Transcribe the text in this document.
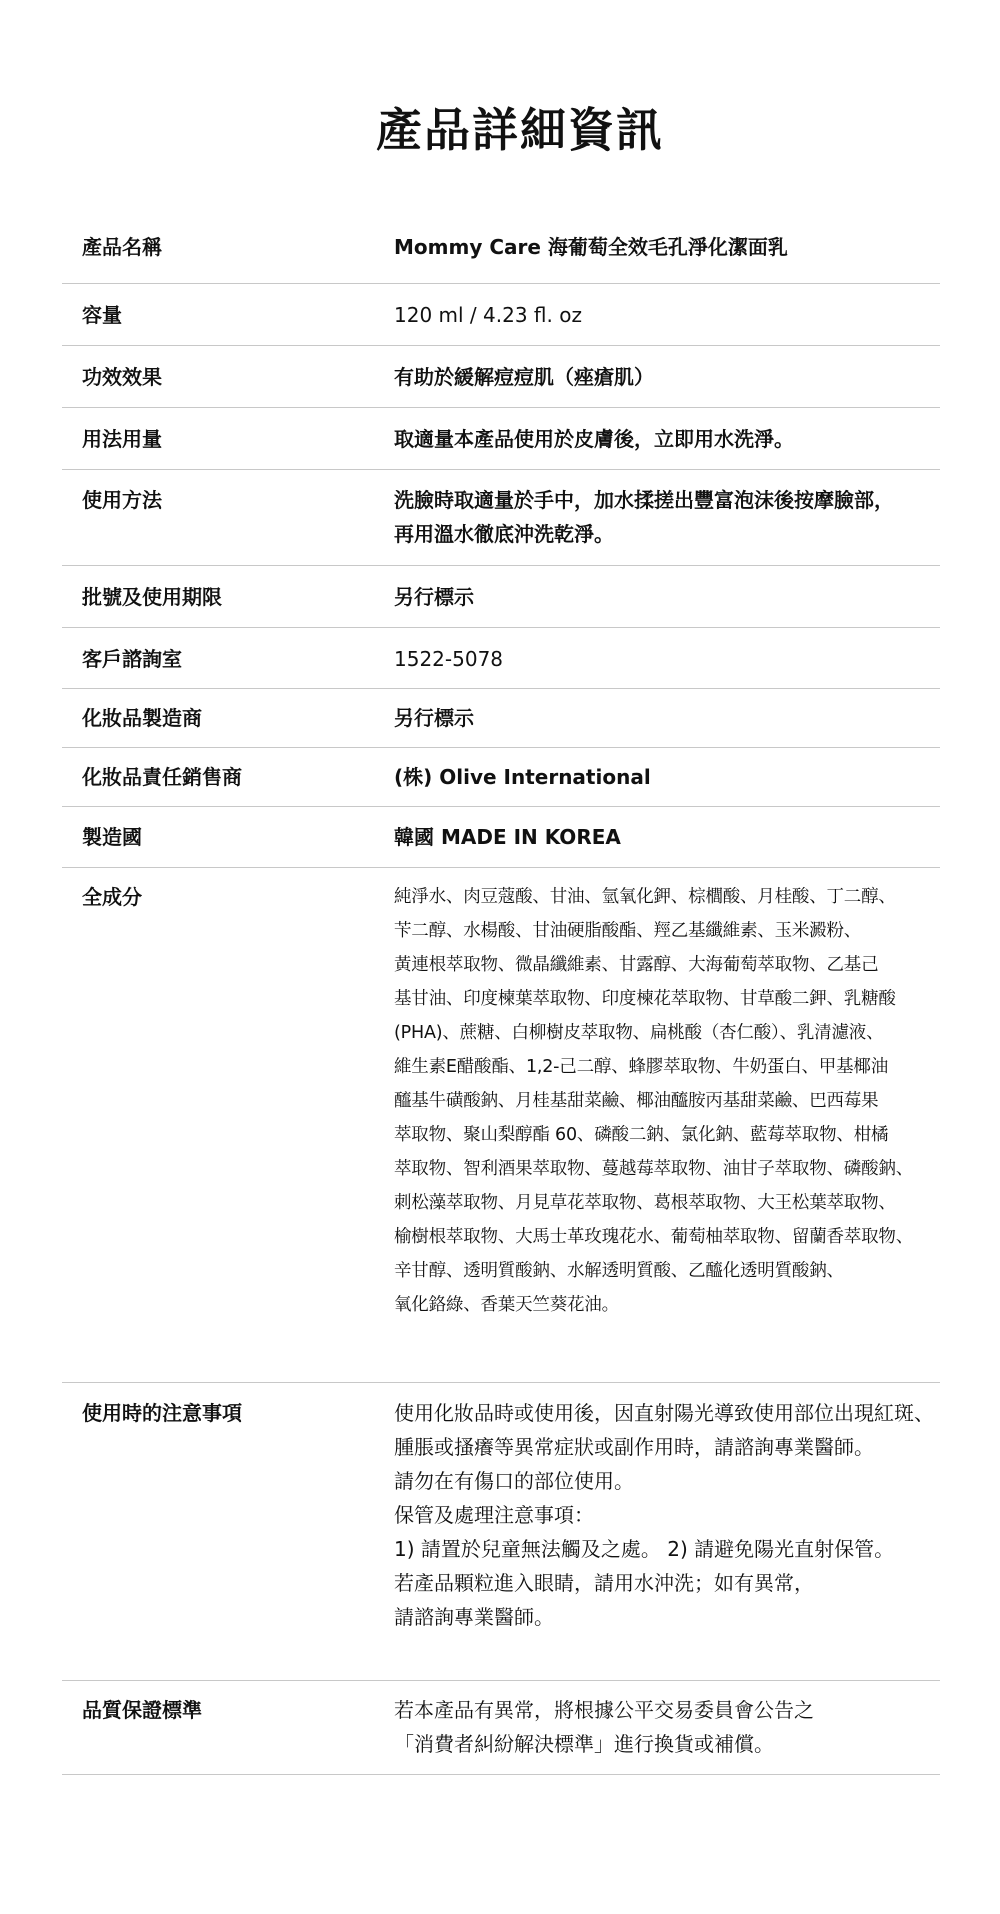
產品詳細資訊
產品名稱	Mommy Care 海葡萄全效毛孔淨化潔面乳
容量	120 ml / 4.23 fl. oz
功效效果	有助於緩解痘痘肌（痤瘡肌）
用法用量	取適量本產品使用於皮膚後，立即用水洗淨。
使用方法	洗臉時取適量於手中，加水揉搓出豐富泡沫後按摩臉部，
再用溫水徹底沖洗乾淨。
批號及使用期限	另行標示
客戶諮詢室	1522-5078
化妝品製造商	另行標示
化妝品責任銷售商	(株) Olive International
製造國	韓國 MADE IN KOREA
全成分	純淨水、肉豆蔻酸、甘油、氫氧化鉀、棕櫚酸、月桂酸、丁二醇、
苄二醇、水楊酸、甘油硬脂酸酯、羥乙基纖維素、玉米澱粉、
黃連根萃取物、微晶纖維素、甘露醇、大海葡萄萃取物、乙基己
基甘油、印度楝葉萃取物、印度楝花萃取物、甘草酸二鉀、乳糖酸
(PHA)、蔗糖、白柳樹皮萃取物、扁桃酸（杏仁酸）、乳清濾液、
維生素E醋酸酯、1,2-己二醇、蜂膠萃取物、牛奶蛋白、甲基椰油
醯基牛磺酸鈉、月桂基甜菜鹼、椰油醯胺丙基甜菜鹼、巴西莓果
萃取物、聚山梨醇酯 60、磷酸二鈉、氯化鈉、藍莓萃取物、柑橘
萃取物、智利酒果萃取物、蔓越莓萃取物、油甘子萃取物、磷酸鈉、
刺松藻萃取物、月見草花萃取物、葛根萃取物、大王松葉萃取物、
榆樹根萃取物、大馬士革玫瑰花水、葡萄柚萃取物、留蘭香萃取物、
辛甘醇、透明質酸鈉、水解透明質酸、乙醯化透明質酸鈉、
氧化鉻綠、香葉天竺葵花油。
使用時的注意事項	使用化妝品時或使用後，因直射陽光導致使用部位出現紅斑、
腫脹或搔癢等異常症狀或副作用時，請諮詢專業醫師。
請勿在有傷口的部位使用。
保管及處理注意事項：
1) 請置於兒童無法觸及之處。 2) 請避免陽光直射保管。
若產品顆粒進入眼睛，請用水沖洗；如有異常，
請諮詢專業醫師。
品質保證標準	若本產品有異常，將根據公平交易委員會公告之
「消費者糾紛解決標準」進行換貨或補償。
